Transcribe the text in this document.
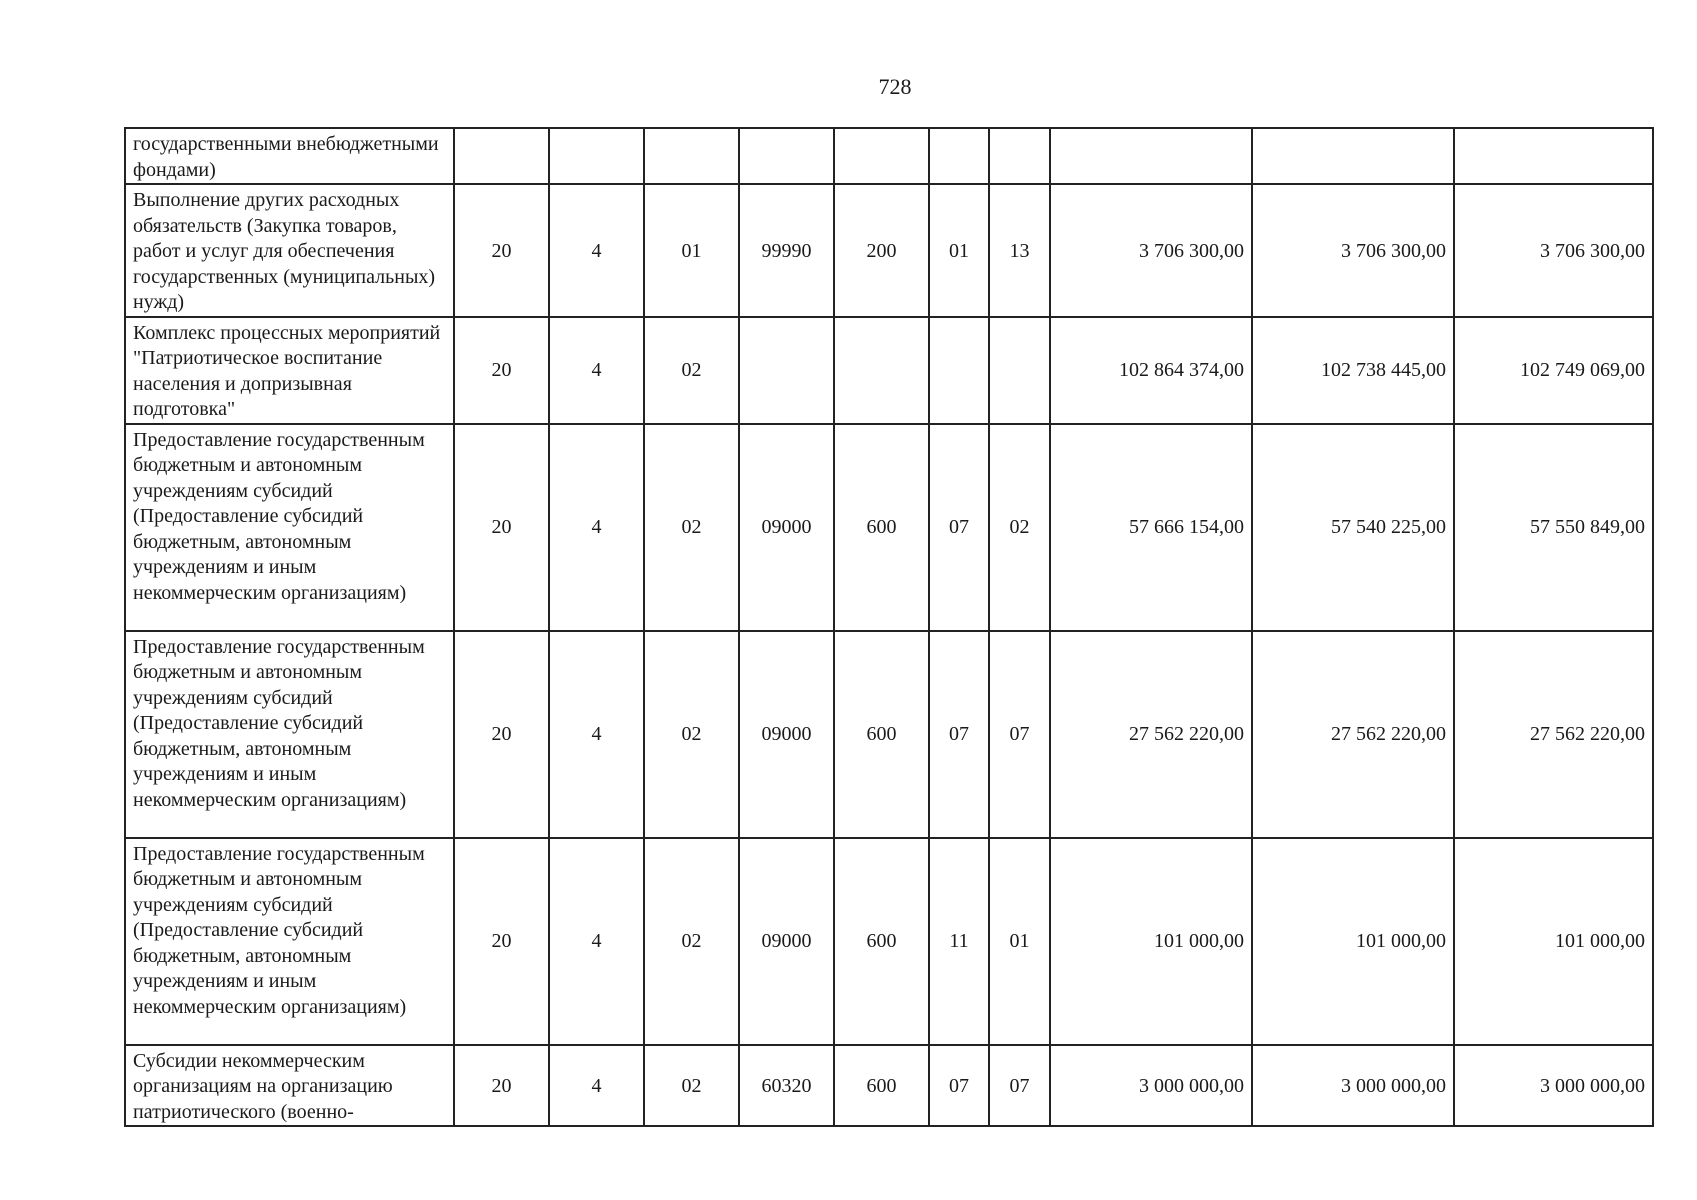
728
государственными внебюджетными фондами)										
Выполнение других расходных обязательств (Закупка товаров, работ и услуг для обеспечения государственных (муниципальных) нужд)	20	4	01	99990	200	01	13	3 706 300,00	3 706 300,00	3 706 300,00
Комплекс процессных мероприятий "Патриотическое воспитание населения и допризывная подготовка"	20	4	02					102 864 374,00	102 738 445,00	102 749 069,00
Предоставление государственным бюджетным и автономным учреждениям субсидий (Предоставление субсидий бюджетным, автономным учреждениям и иным некоммерческим организациям)	20	4	02	09000	600	07	02	57 666 154,00	57 540 225,00	57 550 849,00
Предоставление государственным бюджетным и автономным учреждениям субсидий (Предоставление субсидий бюджетным, автономным учреждениям и иным некоммерческим организациям)	20	4	02	09000	600	07	07	27 562 220,00	27 562 220,00	27 562 220,00
Предоставление государственным бюджетным и автономным учреждениям субсидий (Предоставление субсидий бюджетным, автономным учреждениям и иным некоммерческим организациям)	20	4	02	09000	600	11	01	101 000,00	101 000,00	101 000,00
Субсидии некоммерческим организациям на организацию патриотического (военно-	20	4	02	60320	600	07	07	3 000 000,00	3 000 000,00	3 000 000,00
